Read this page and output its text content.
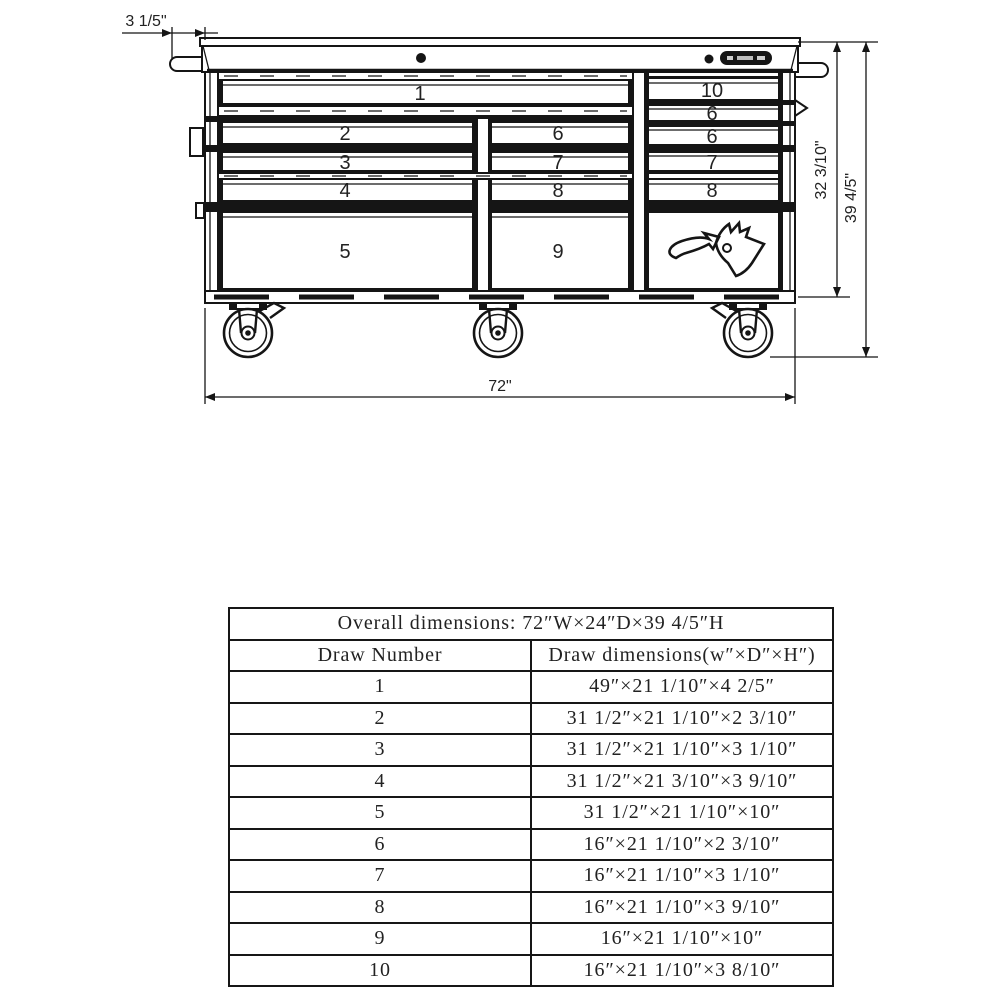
1
2
3
4
5
6
7
8
9
10
6
6
7
8
3 1/5"
32 3/10" 39 4/5"
72"
Overall dimensions: 72″W×24″D×39 4/5″H	
Draw Number	Draw dimensions(w″×D″×H″)
1	49″×21 1/10″×4 2/5″
2	31 1/2″×21 1/10″×2 3/10″
3	31 1/2″×21 1/10″×3 1/10″
4	31 1/2″×21 3/10″×3 9/10″
5	31 1/2″×21 1/10″×10″
6	16″×21 1/10″×2 3/10″
7	16″×21 1/10″×3 1/10″
8	16″×21 1/10″×3 9/10″
9	16″×21 1/10″×10″
10	16″×21 1/10″×3 8/10″
